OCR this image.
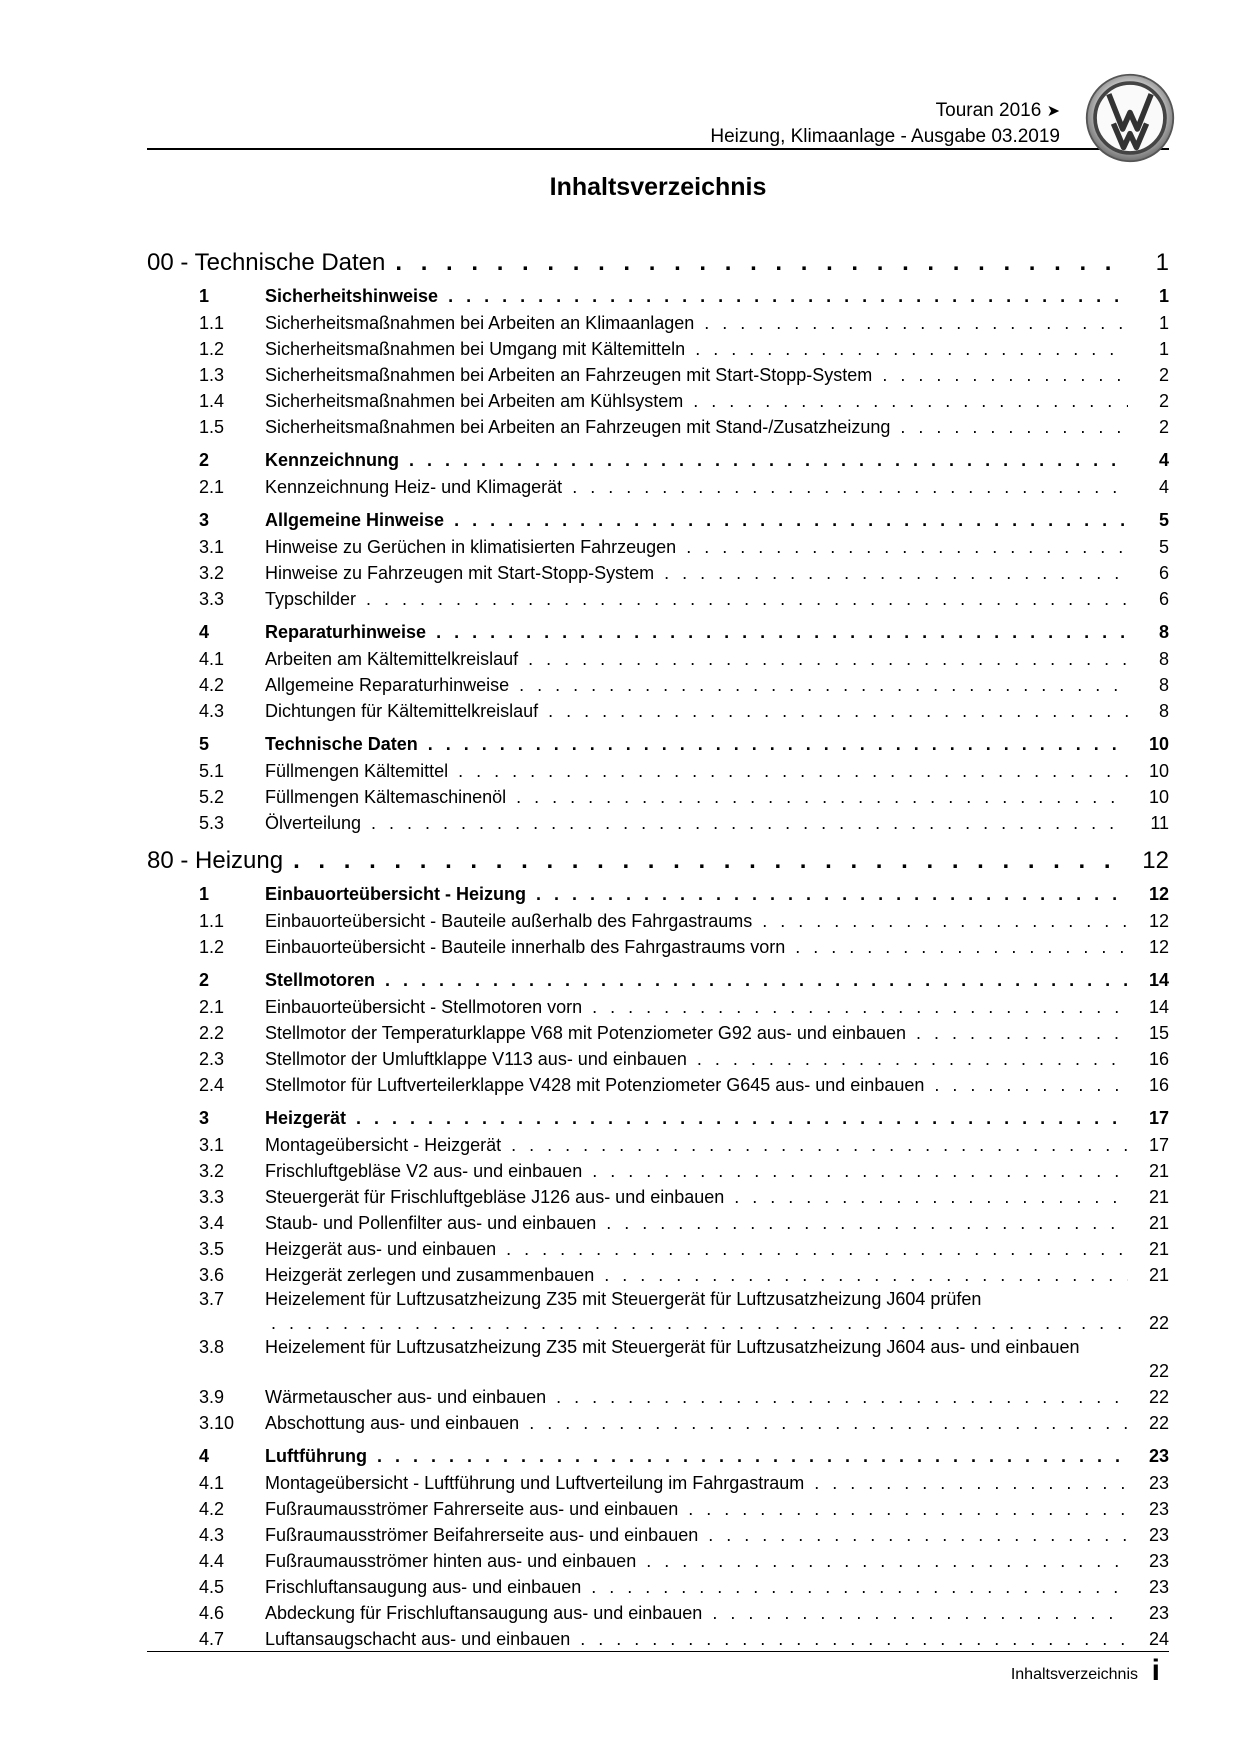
Touran 2016 ➤
Heizung, Klimaanlage - Ausgabe 03.2019
Inhaltsverzeichnis
00 - Technische Daten . . .	1
1	Sicherheitshinweise . . .	1
1.1 Sicherheitsmaßnahmen bei Arbeiten an Klimaanlagen . . .	1
1.2 Sicherheitsmaßnahmen bei Umgang mit Kältemitteln . . .	1
1.3 Sicherheitsmaßnahmen bei Arbeiten an Fahrzeugen mit Start-Stopp-System . . .	2
1.4 Sicherheitsmaßnahmen bei Arbeiten am Kühlsystem . . .	2
1.5 Sicherheitsmaßnahmen bei Arbeiten an Fahrzeugen mit Stand-/Zusatzheizung . . .	2
2	Kennzeichnung . . .	4
2.1 Kennzeichnung Heiz- und Klimagerät . . .	4
3	Allgemeine Hinweise . . .	5
3.1 Hinweise zu Gerüchen in klimatisierten Fahrzeugen . . .	5
3.2 Hinweise zu Fahrzeugen mit Start-Stopp-System . . .	6
3.3 Typschilder . . .	6
4	Reparaturhinweise . . .	8
4.1 Arbeiten am Kältemittelkreislauf . . .	8
4.2 Allgemeine Reparaturhinweise . . .	8
4.3 Dichtungen für Kältemittelkreislauf . . .	8
5	Technische Daten . . .	10
5.1 Füllmengen Kältemittel . . .	10
5.2 Füllmengen Kältemaschinenöl . . .	10
5.3 Ölverteilung . . .	11
80 - Heizung . . .	12
1	Einbauorteübersicht - Heizung . . .	12
1.1 Einbauorteübersicht - Bauteile außerhalb des Fahrgastraums . . .	12
1.2 Einbauorteübersicht - Bauteile innerhalb des Fahrgastraums vorn . . .	12
2	Stellmotoren . . .	14
2.1 Einbauorteübersicht - Stellmotoren vorn . . .	14
2.2 Stellmotor der Temperaturklappe V68 mit Potenziometer G92 aus- und einbauen . . .	15
2.3 Stellmotor der Umluftklappe V113 aus- und einbauen . . .	16
2.4 Stellmotor für Luftverteilerklappe V428 mit Potenziometer G645 aus- und einbauen . . .	16
3	Heizgerät . . .	17
3.1 Montageübersicht - Heizgerät . . .	17
3.2 Frischluftgebläse V2 aus- und einbauen . . .	21
3.3 Steuergerät für Frischluftgebläse J126 aus- und einbauen . . .	21
3.4 Staub- und Pollenfilter aus- und einbauen . . .	21
3.5 Heizgerät aus- und einbauen . . .	21
3.6 Heizgerät zerlegen und zusammenbauen . . .	21
3.7 Heizelement für Luftzusatzheizung Z35 mit Steuergerät für Luftzusatzheizung J604 prüfen
. . .
22
3.8 Heizelement für Luftzusatzheizung Z35 mit Steuergerät für Luftzusatzheizung J604 aus- und einbauen
22
3.9 Wärmetauscher aus- und einbauen . . .	22
3.10 Abschottung aus- und einbauen . . .	22
4	Luftführung . . .	23
4.1 Montageübersicht - Luftführung und Luftverteilung im Fahrgastraum . . .	23
4.2 Fußraumausströmer Fahrerseite aus- und einbauen . . .	23
4.3 Fußraumausströmer Beifahrerseite aus- und einbauen . . .	23
4.4 Fußraumausströmer hinten aus- und einbauen . . .	23
4.5 Frischluftansaugung aus- und einbauen . . .	23
4.6 Abdeckung für Frischluftansaugung aus- und einbauen . . .	23
4.7 Luftansaugschacht aus- und einbauen . . .	24
Inhaltsverzeichnis i
